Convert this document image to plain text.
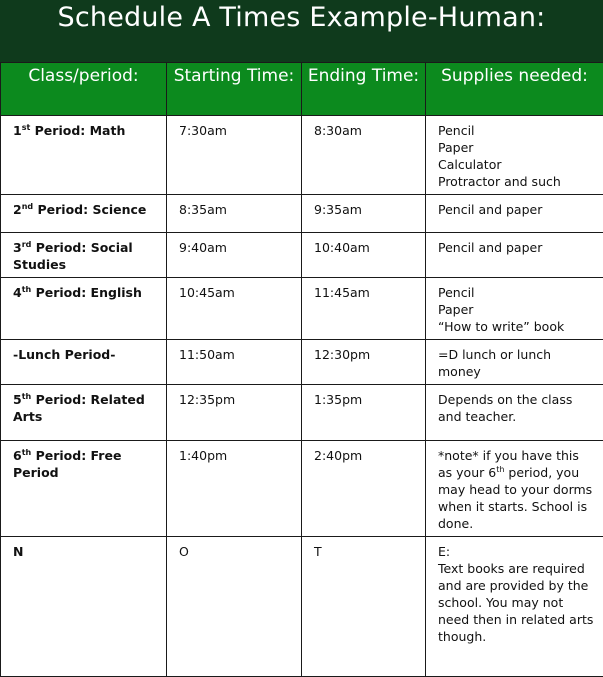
Schedule A Times Example-Human:
Class/period:	Starting Time:	Ending Time:	Supplies needed:
1st Period: Math	7:30am	8:30am	Pencil
Paper
Calculator
Protractor and such
2nd Period: Science	8:35am	9:35am	Pencil and paper
3rd Period: Social Studies	9:40am	10:40am	Pencil and paper
4th Period: English	10:45am	11:45am	Pencil
Paper
“How to write” book
-Lunch Period-	11:50am	12:30pm	=D lunch or lunch money
5th Period: Related Arts	12:35pm	1:35pm	Depends on the class and teacher.
6th Period: Free Period	1:40pm	2:40pm	*note* if you have this as your 6th period, you may head to your dorms when it starts. School is done.
N	O	T	E:
Text books are required and are provided by the school. You may not need then in related arts though.
